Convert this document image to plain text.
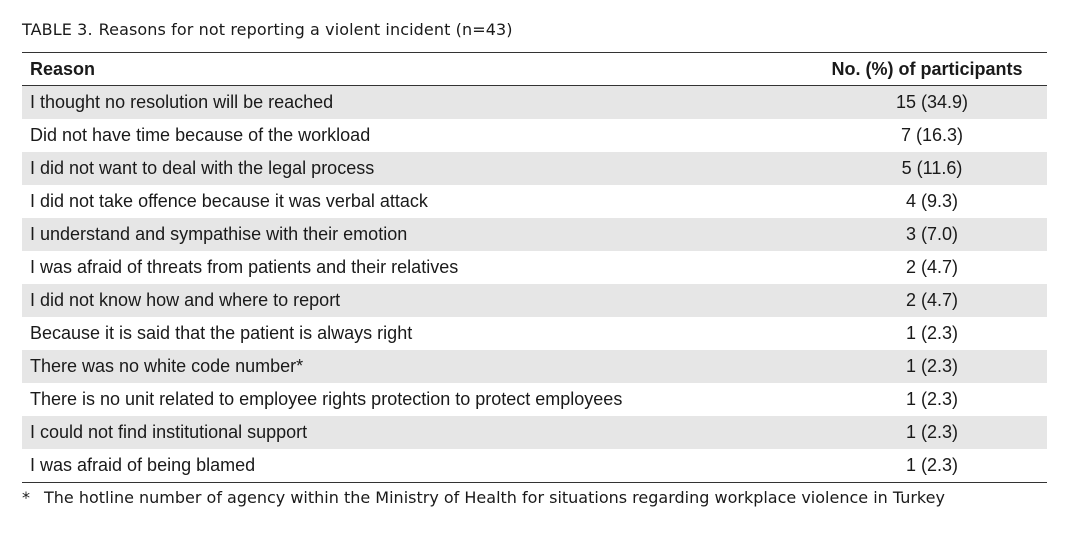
TABLE 3. Reasons for not reporting a violent incident (n=43)
Reason	No. (%) of participants
I thought no resolution will be reached	15 (34.9)
Did not have time because of the workload	7 (16.3)
I did not want to deal with the legal process	5 (11.6)
I did not take offence because it was verbal attack	4 (9.3)
I understand and sympathise with their emotion	3 (7.0)
I was afraid of threats from patients and their relatives	2 (4.7)
I did not know how and where to report	2 (4.7)
Because it is said that the patient is always right	1 (2.3)
There was no white code number*	1 (2.3)
There is no unit related to employee rights protection to protect employees	1 (2.3)
I could not find institutional support	1 (2.3)
I was afraid of being blamed	1 (2.3)
* The hotline number of agency within the Ministry of Health for situations regarding workplace violence in Turkey
